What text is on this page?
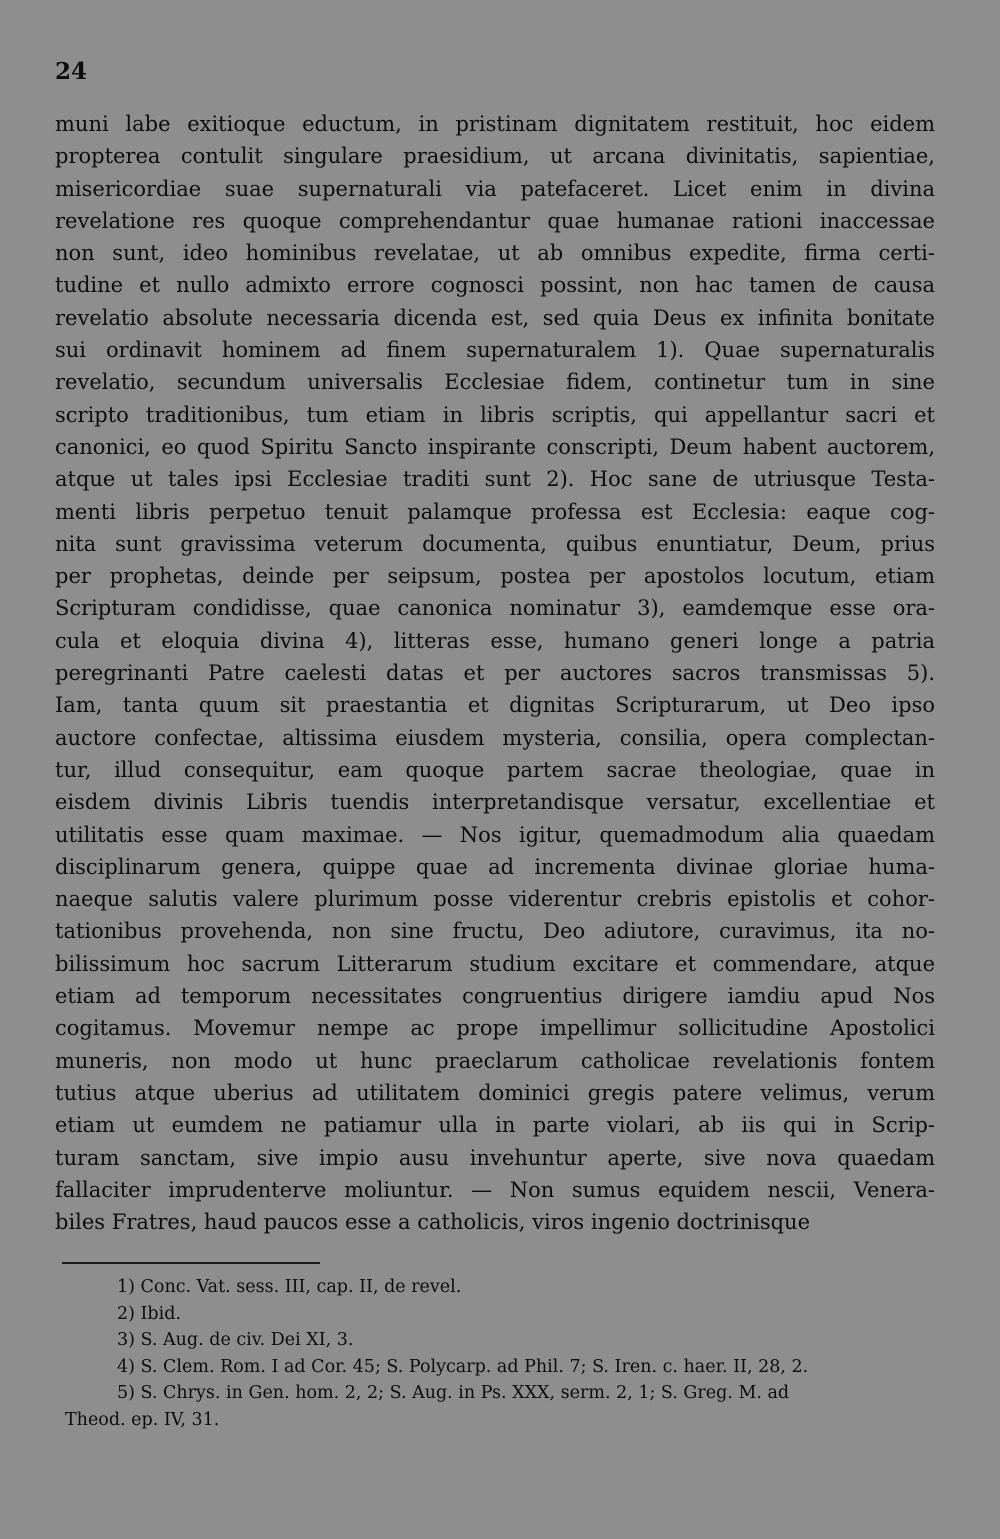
24
muni labe exitioque eductum, in pristinam dignitatem restituit, hoc eidem
propterea contulit singulare praesidium, ut arcana divinitatis, sapientiae,
misericordiae suae supernaturali via patefaceret. Licet enim in divina
revelatione res quoque comprehendantur quae humanae rationi inaccessae
non sunt, ideo hominibus revelatae, ut ab omnibus expedite, firma certi-
tudine et nullo admixto errore cognosci possint, non hac tamen de causa
revelatio absolute necessaria dicenda est, sed quia Deus ex infinita bonitate
sui ordinavit hominem ad finem supernaturalem 1). Quae supernaturalis
revelatio, secundum universalis Ecclesiae fidem, continetur tum in sine
scripto traditionibus, tum etiam in libris scriptis, qui appellantur sacri et
canonici, eo quod Spiritu Sancto inspirante conscripti, Deum habent auctorem,
atque ut tales ipsi Ecclesiae traditi sunt 2). Hoc sane de utriusque Testa-
menti libris perpetuo tenuit palamque professa est Ecclesia: eaque cog-
nita sunt gravissima veterum documenta, quibus enuntiatur, Deum, prius
per prophetas, deinde per seipsum, postea per apostolos locutum, etiam
Scripturam condidisse, quae canonica nominatur 3), eamdemque esse ora-
cula et eloquia divina 4), litteras esse, humano generi longe a patria
peregrinanti Patre caelesti datas et per auctores sacros transmissas 5).
Iam, tanta quum sit praestantia et dignitas Scripturarum, ut Deo ipso
auctore confectae, altissima eiusdem mysteria, consilia, opera complectan-
tur, illud consequitur, eam quoque partem sacrae theologiae, quae in
eisdem divinis Libris tuendis interpretandisque versatur, excellentiae et
utilitatis esse quam maximae. — Nos igitur, quemadmodum alia quaedam
disciplinarum genera, quippe quae ad incrementa divinae gloriae huma-
naeque salutis valere plurimum posse viderentur crebris epistolis et cohor-
tationibus provehenda, non sine fructu, Deo adiutore, curavimus, ita no-
bilissimum hoc sacrum Litterarum studium excitare et commendare, atque
etiam ad temporum necessitates congruentius dirigere iamdiu apud Nos
cogitamus. Movemur nempe ac prope impellimur sollicitudine Apostolici
muneris, non modo ut hunc praeclarum catholicae revelationis fontem
tutius atque uberius ad utilitatem dominici gregis patere velimus, verum
etiam ut eumdem ne patiamur ulla in parte violari, ab iis qui in Scrip-
turam sanctam, sive impio ausu invehuntur aperte, sive nova quaedam
fallaciter imprudenterve moliuntur. — Non sumus equidem nescii, Venera-
biles Fratres, haud paucos esse a catholicis, viros ingenio doctrinisque
1) Conc. Vat. sess. III, cap. II, de revel.
2) Ibid.
3) S. Aug. de civ. Dei XI, 3.
4) S. Clem. Rom. I ad Cor. 45; S. Polycarp. ad Phil. 7; S. Iren. c. haer. II, 28, 2.
5) S. Chrys. in Gen. hom. 2, 2; S. Aug. in Ps. XXX, serm. 2, 1; S. Greg. M. ad
Theod. ep. IV, 31.
